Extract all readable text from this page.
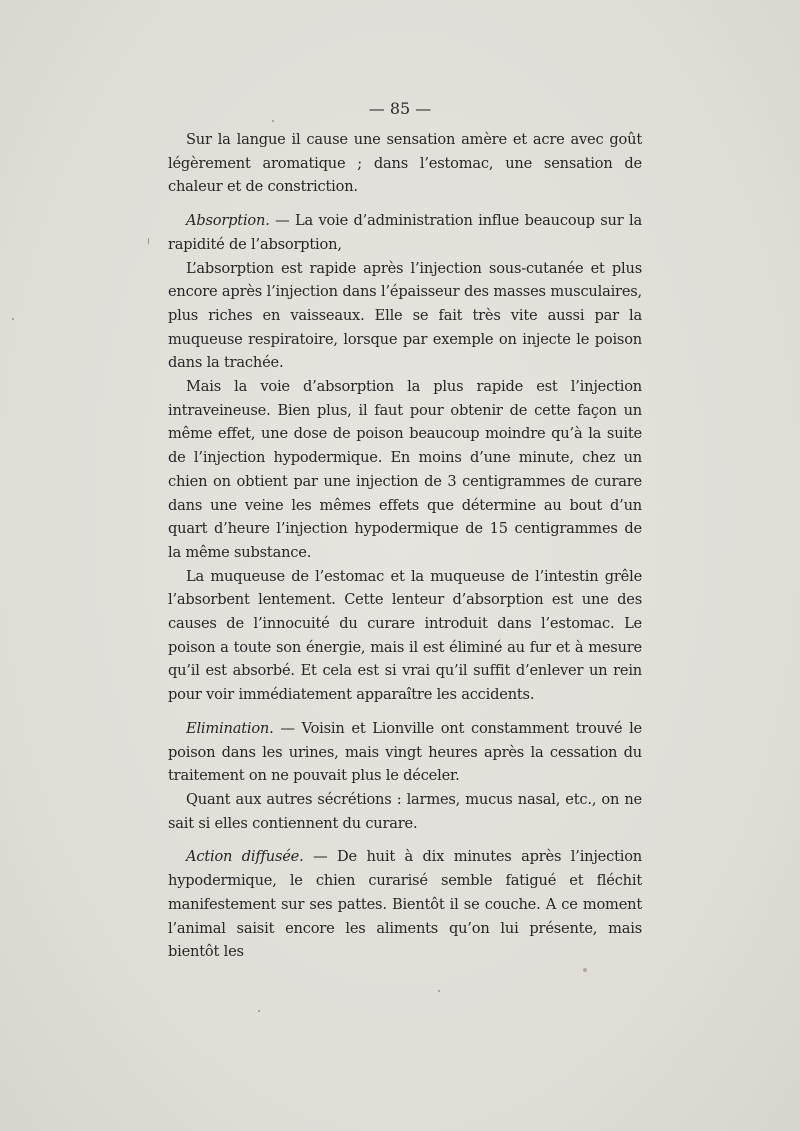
— 85 —

Sur la langue il cause une sensation amère et acre avec goût légèrement aromatique ; dans l’estomac, une sensation de chaleur et de constriction.

Absorption. — La voie d’administration influe beaucoup sur la rapidité de l’absorption,

L’absorption est rapide après l’injection sous-cutanée et plus encore après l’injection dans l’épaisseur des masses musculaires, plus riches en vaisseaux. Elle se fait très vite aussi par la muqueuse respiratoire, lorsque par exemple on injecte le poison dans la trachée.

Mais la voie d’absorption la plus rapide est l’injection intraveineuse. Bien plus, il faut pour obtenir de cette façon un même effet, une dose de poison beaucoup moindre qu’à la suite de l’injection hypodermique. En moins d’une minute, chez un chien on obtient par une injection de 3 centigrammes de curare dans une veine les mêmes effets que détermine au bout d’un quart d’heure l’injection hypodermique de 15 centigrammes de la même substance.

La muqueuse de l’estomac et la muqueuse de l’intestin grêle l’absorbent lentement. Cette lenteur d’absorption est une des causes de l’innocuité du curare introduit dans l’estomac. Le poison a toute son énergie, mais il est éliminé au fur et à mesure qu’il est absorbé. Et cela est si vrai qu’il suffit d’enlever un rein pour voir immédiatement apparaître les accidents.

Elimination. — Voisin et Lionville ont constamment trouvé le poison dans les urines, mais vingt heures après la cessation du traitement on ne pouvait plus le déceler.

Quant aux autres sécrétions : larmes, mucus nasal, etc., on ne sait si elles contiennent du curare.

Action diffusée. — De huit à dix minutes après l’injection hypodermique, le chien curarisé semble fatigué et fléchit manifestement sur ses pattes. Bientôt il se couche. A ce moment l’animal saisit encore les aliments qu’on lui présente, mais bientôt les
